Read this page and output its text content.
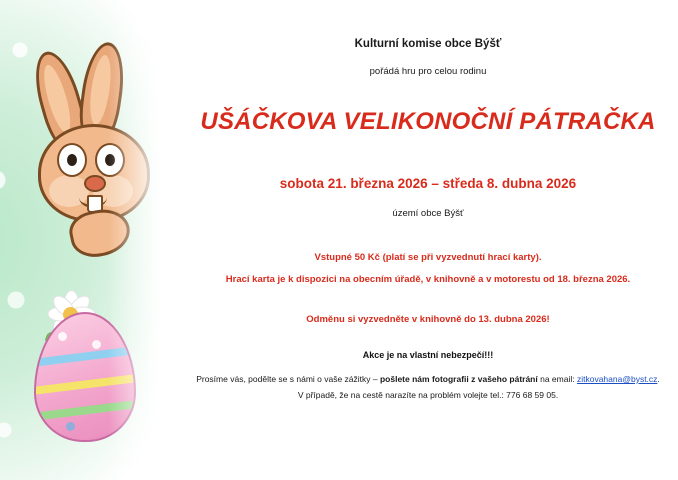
Kulturní komise obce Býšť
pořádá hru pro celou rodinu
UŠÁČKOVA VELIKONOČNÍ PÁTRAČKA
sobota 21. března 2026 – středa 8. dubna 2026
území obce Býšť
Vstupné 50 Kč (platí se při vyzvednutí hrací karty).
Hrací karta je k dispozici na obecním úřadě, v knihovně a v motorestu od 18. března 2026.
Odměnu si vyzvedněte v knihovně do 13. dubna 2026!
Akce je na vlastní nebezpečí!!!
Prosíme vás, podělte se s námi o vaše zážitky – pošlete nám fotografii z vašeho pátrání na email: zitkovahana@byst.cz.
V případě, že na cestě narazíte na problém volejte tel.: 776 68 59 05.
